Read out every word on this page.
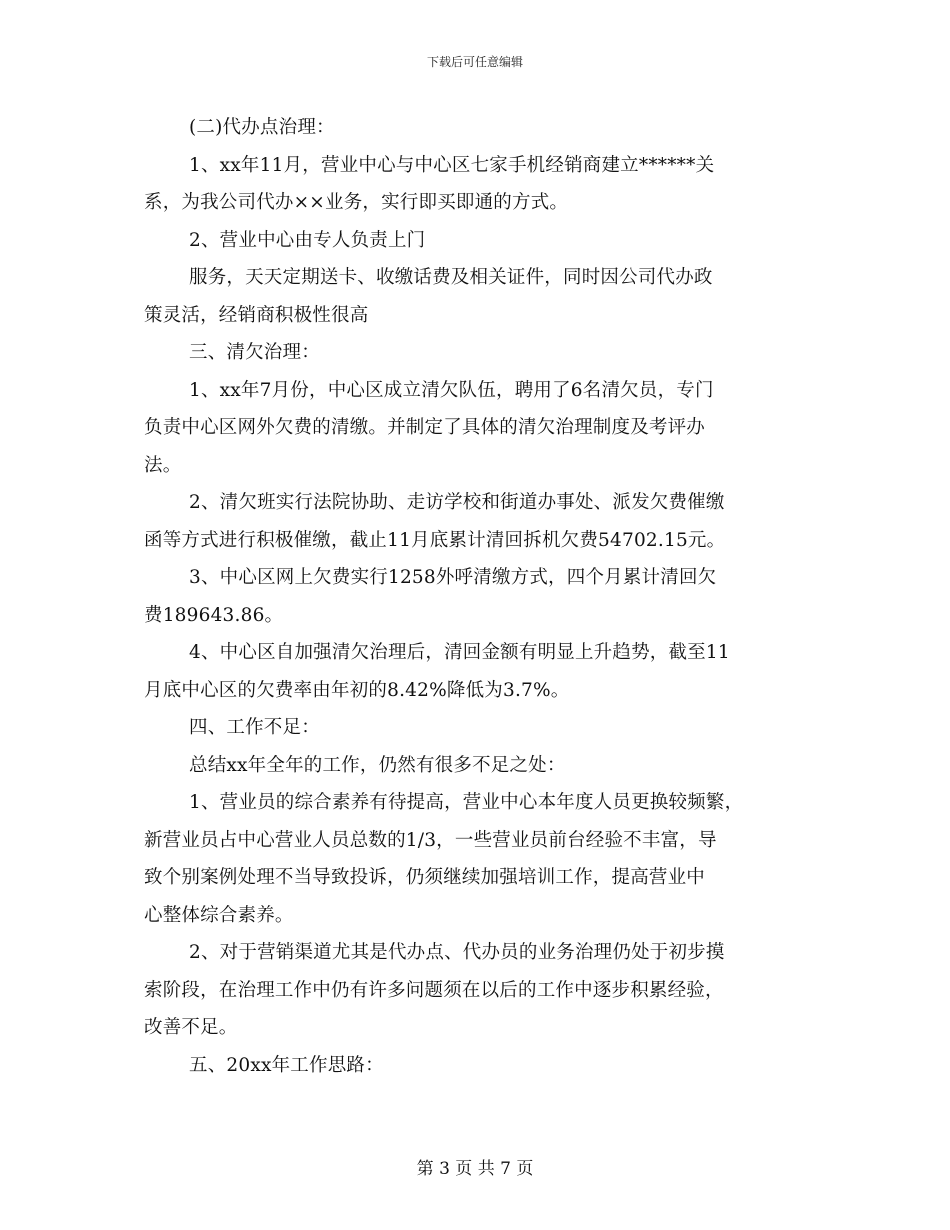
下载后可任意编辑
(二)代办点治理：
1、xx年11月，营业中心与中心区七家手机经销商建立******关
系，为我公司代办××业务，实行即买即通的方式。
2、营业中心由专人负责上门
服务，天天定期送卡、收缴话费及相关证件，同时因公司代办政
策灵活，经销商积极性很高
三、清欠治理：
1、xx年7月份，中心区成立清欠队伍，聘用了6名清欠员，专门
负责中心区网外欠费的清缴。并制定了具体的清欠治理制度及考评办
法。
2、清欠班实行法院协助、走访学校和街道办事处、派发欠费催缴
函等方式进行积极催缴，截止11月底累计清回拆机欠费54702.15元。
3、中心区网上欠费实行1258外呼清缴方式，四个月累计清回欠
费189643.86。
4、中心区自加强清欠治理后，清回金额有明显上升趋势，截至11
月底中心区的欠费率由年初的8.42%降低为3.7%。
四、工作不足：
总结xx年全年的工作，仍然有很多不足之处：
1、营业员的综合素养有待提高，营业中心本年度人员更换较频繁，
新营业员占中心营业人员总数的1/3，一些营业员前台经验不丰富，导
致个别案例处理不当导致投诉，仍须继续加强培训工作，提高营业中
心整体综合素养。
2、对于营销渠道尤其是代办点、代办员的业务治理仍处于初步摸
索阶段，在治理工作中仍有许多问题须在以后的工作中逐步积累经验，
改善不足。
五、20xx年工作思路：
第 3 页 共 7 页
